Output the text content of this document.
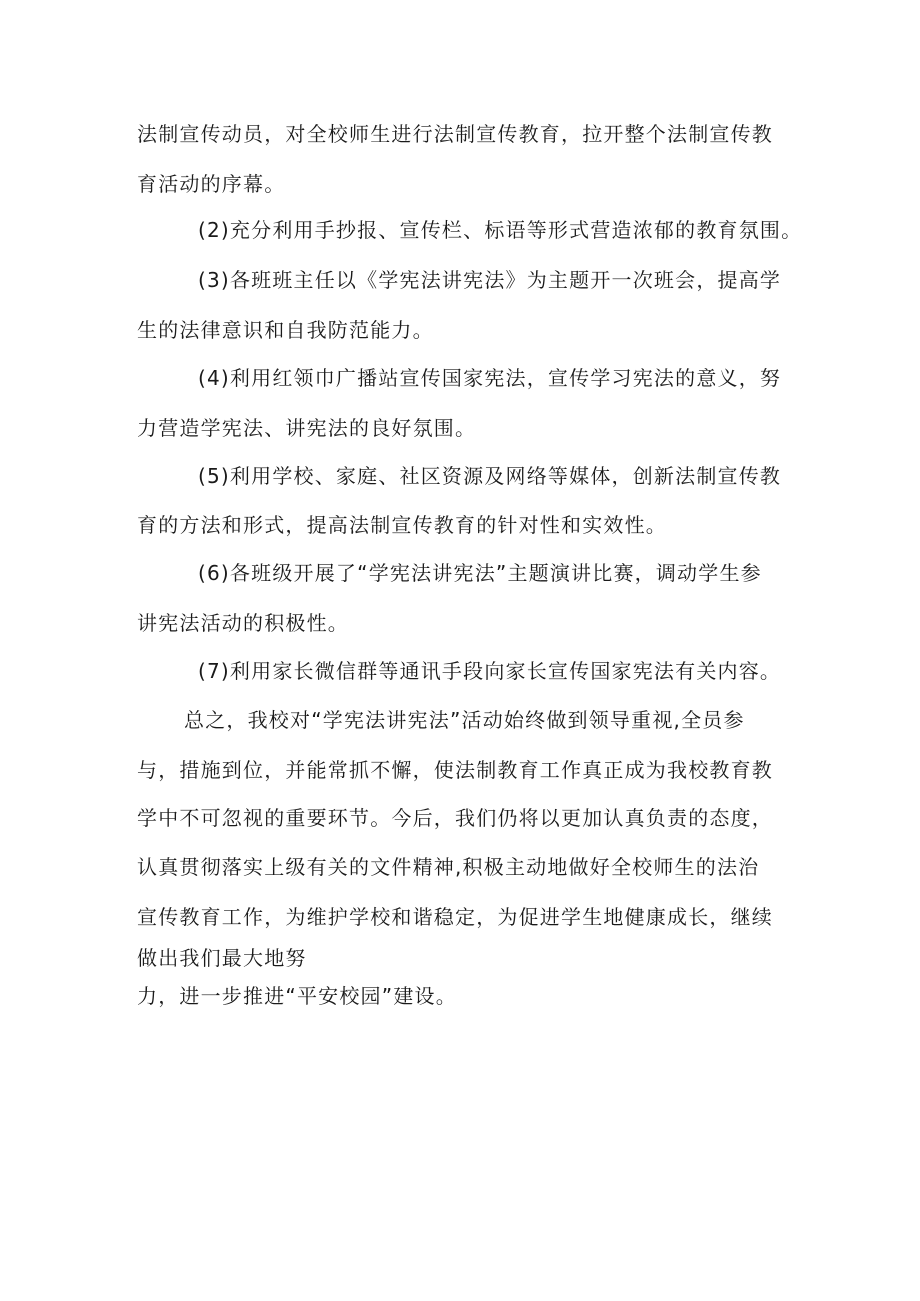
法制宣传动员，对全校师生进行法制宣传教育，拉开整个法制宣传教
育活动的序幕。
(2)充分利用手抄报、宣传栏、标语等形式营造浓郁的教育氛围。
(3)各班班主任以《学宪法讲宪法》为主题开一次班会，提高学
生的法律意识和自我防范能力。
(4)利用红领巾广播站宣传国家宪法，宣传学习宪法的意义，努
力营造学宪法、讲宪法的良好氛围。
(5)利用学校、家庭、社区资源及网络等媒体，创新法制宣传教
育的方法和形式，提高法制宣传教育的针对性和实效性。
(6)各班级开展了“学宪法讲宪法”主题演讲比赛，调动学生参
讲宪法活动的积极性。
(7)利用家长微信群等通讯手段向家长宣传国家宪法有关内容。
总之，我校对“学宪法讲宪法”活动始终做到领导重视,全员参
与，措施到位，并能常抓不懈，使法制教育工作真正成为我校教育教
学中不可忽视的重要环节。今后，我们仍将以更加认真负责的态度，
认真贯彻落实上级有关的文件精神,积极主动地做好全校师生的法治
宣传教育工作，为维护学校和谐稳定，为促进学生地健康成长，继续
做出我们最大地努
力，进一步推进“平安校园”建设。
